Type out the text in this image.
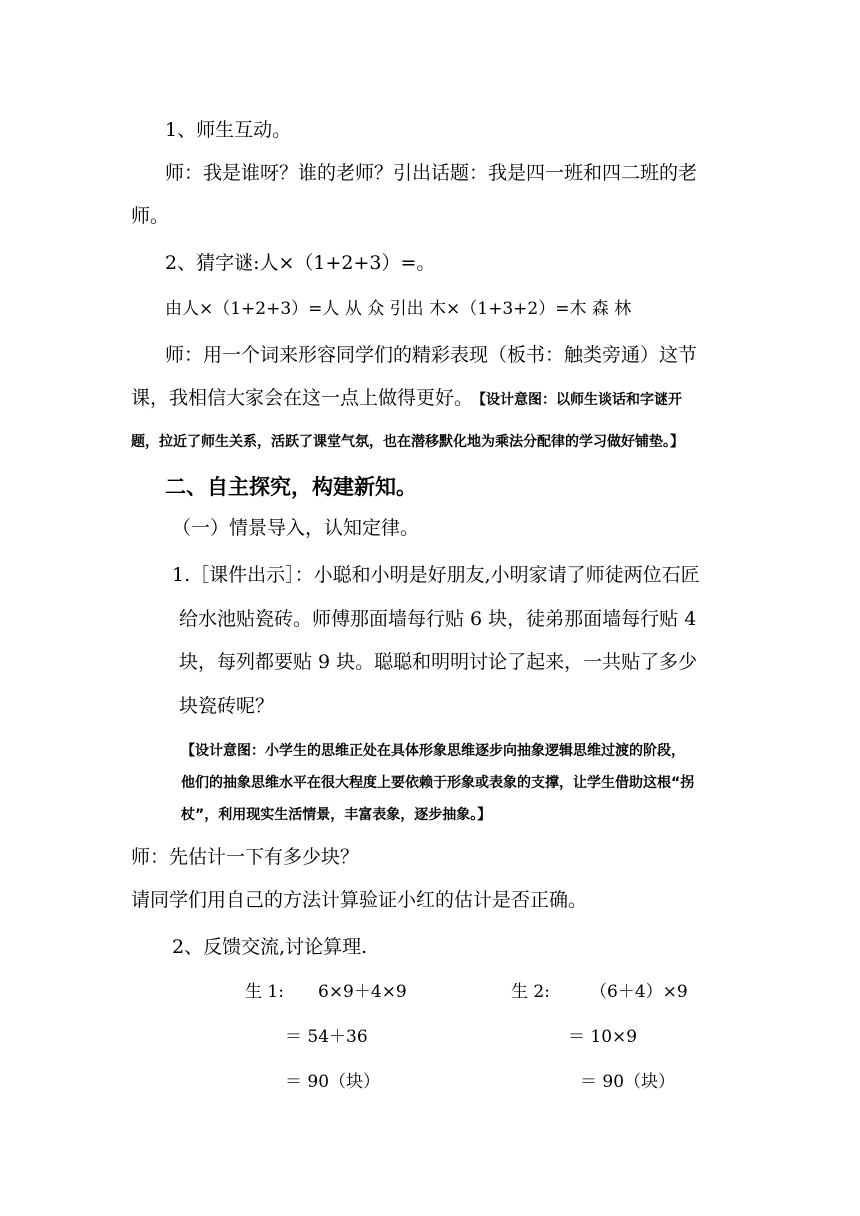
1、师生互动。
师：我是谁呀？谁的老师？引出话题：我是四一班和四二班的老
师。
2、猜字谜:人×（1+2+3）=。
由人×（1+2+3）=人 从 众 引出 木×（1+3+2）=木 森 林
师：用一个词来形容同学们的精彩表现（板书：触类旁通）这节
课，我相信大家会在这一点上做得更好。 【设计意图：以师生谈话和字谜开
题，拉近了师生关系，活跃了课堂气氛，也在潜移默化地为乘法分配律的学习做好铺垫。】
二、自主探究，构建新知。
（一）情景导入，认知定律。
1.［课件出示］：小聪和小明是好朋友,小明家请了师徒两位石匠
给水池贴瓷砖。师傅那面墙每行贴 6 块，徒弟那面墙每行贴 4
块，每列都要贴 9 块。聪聪和明明讨论了起来，一共贴了多少
块瓷砖呢？
【设计意图：小学生的思维正处在具体形象思维逐步向抽象逻辑思维过渡的阶段，
他们的抽象思维水平在很大程度上要依赖于形象或表象的支撑，让学生借助这根“拐
杖”，利用现实生活情景，丰富表象，逐步抽象。】
师：先估计一下有多少块？
请同学们用自己的方法计算验证小红的估计是否正确。
2、反馈交流,讨论算理.
生 1: 6×9＋4×9
＝ 54＋36
＝ 90（块）
生 2: （6＋4）×9
＝ 10×9
＝ 90（块）
